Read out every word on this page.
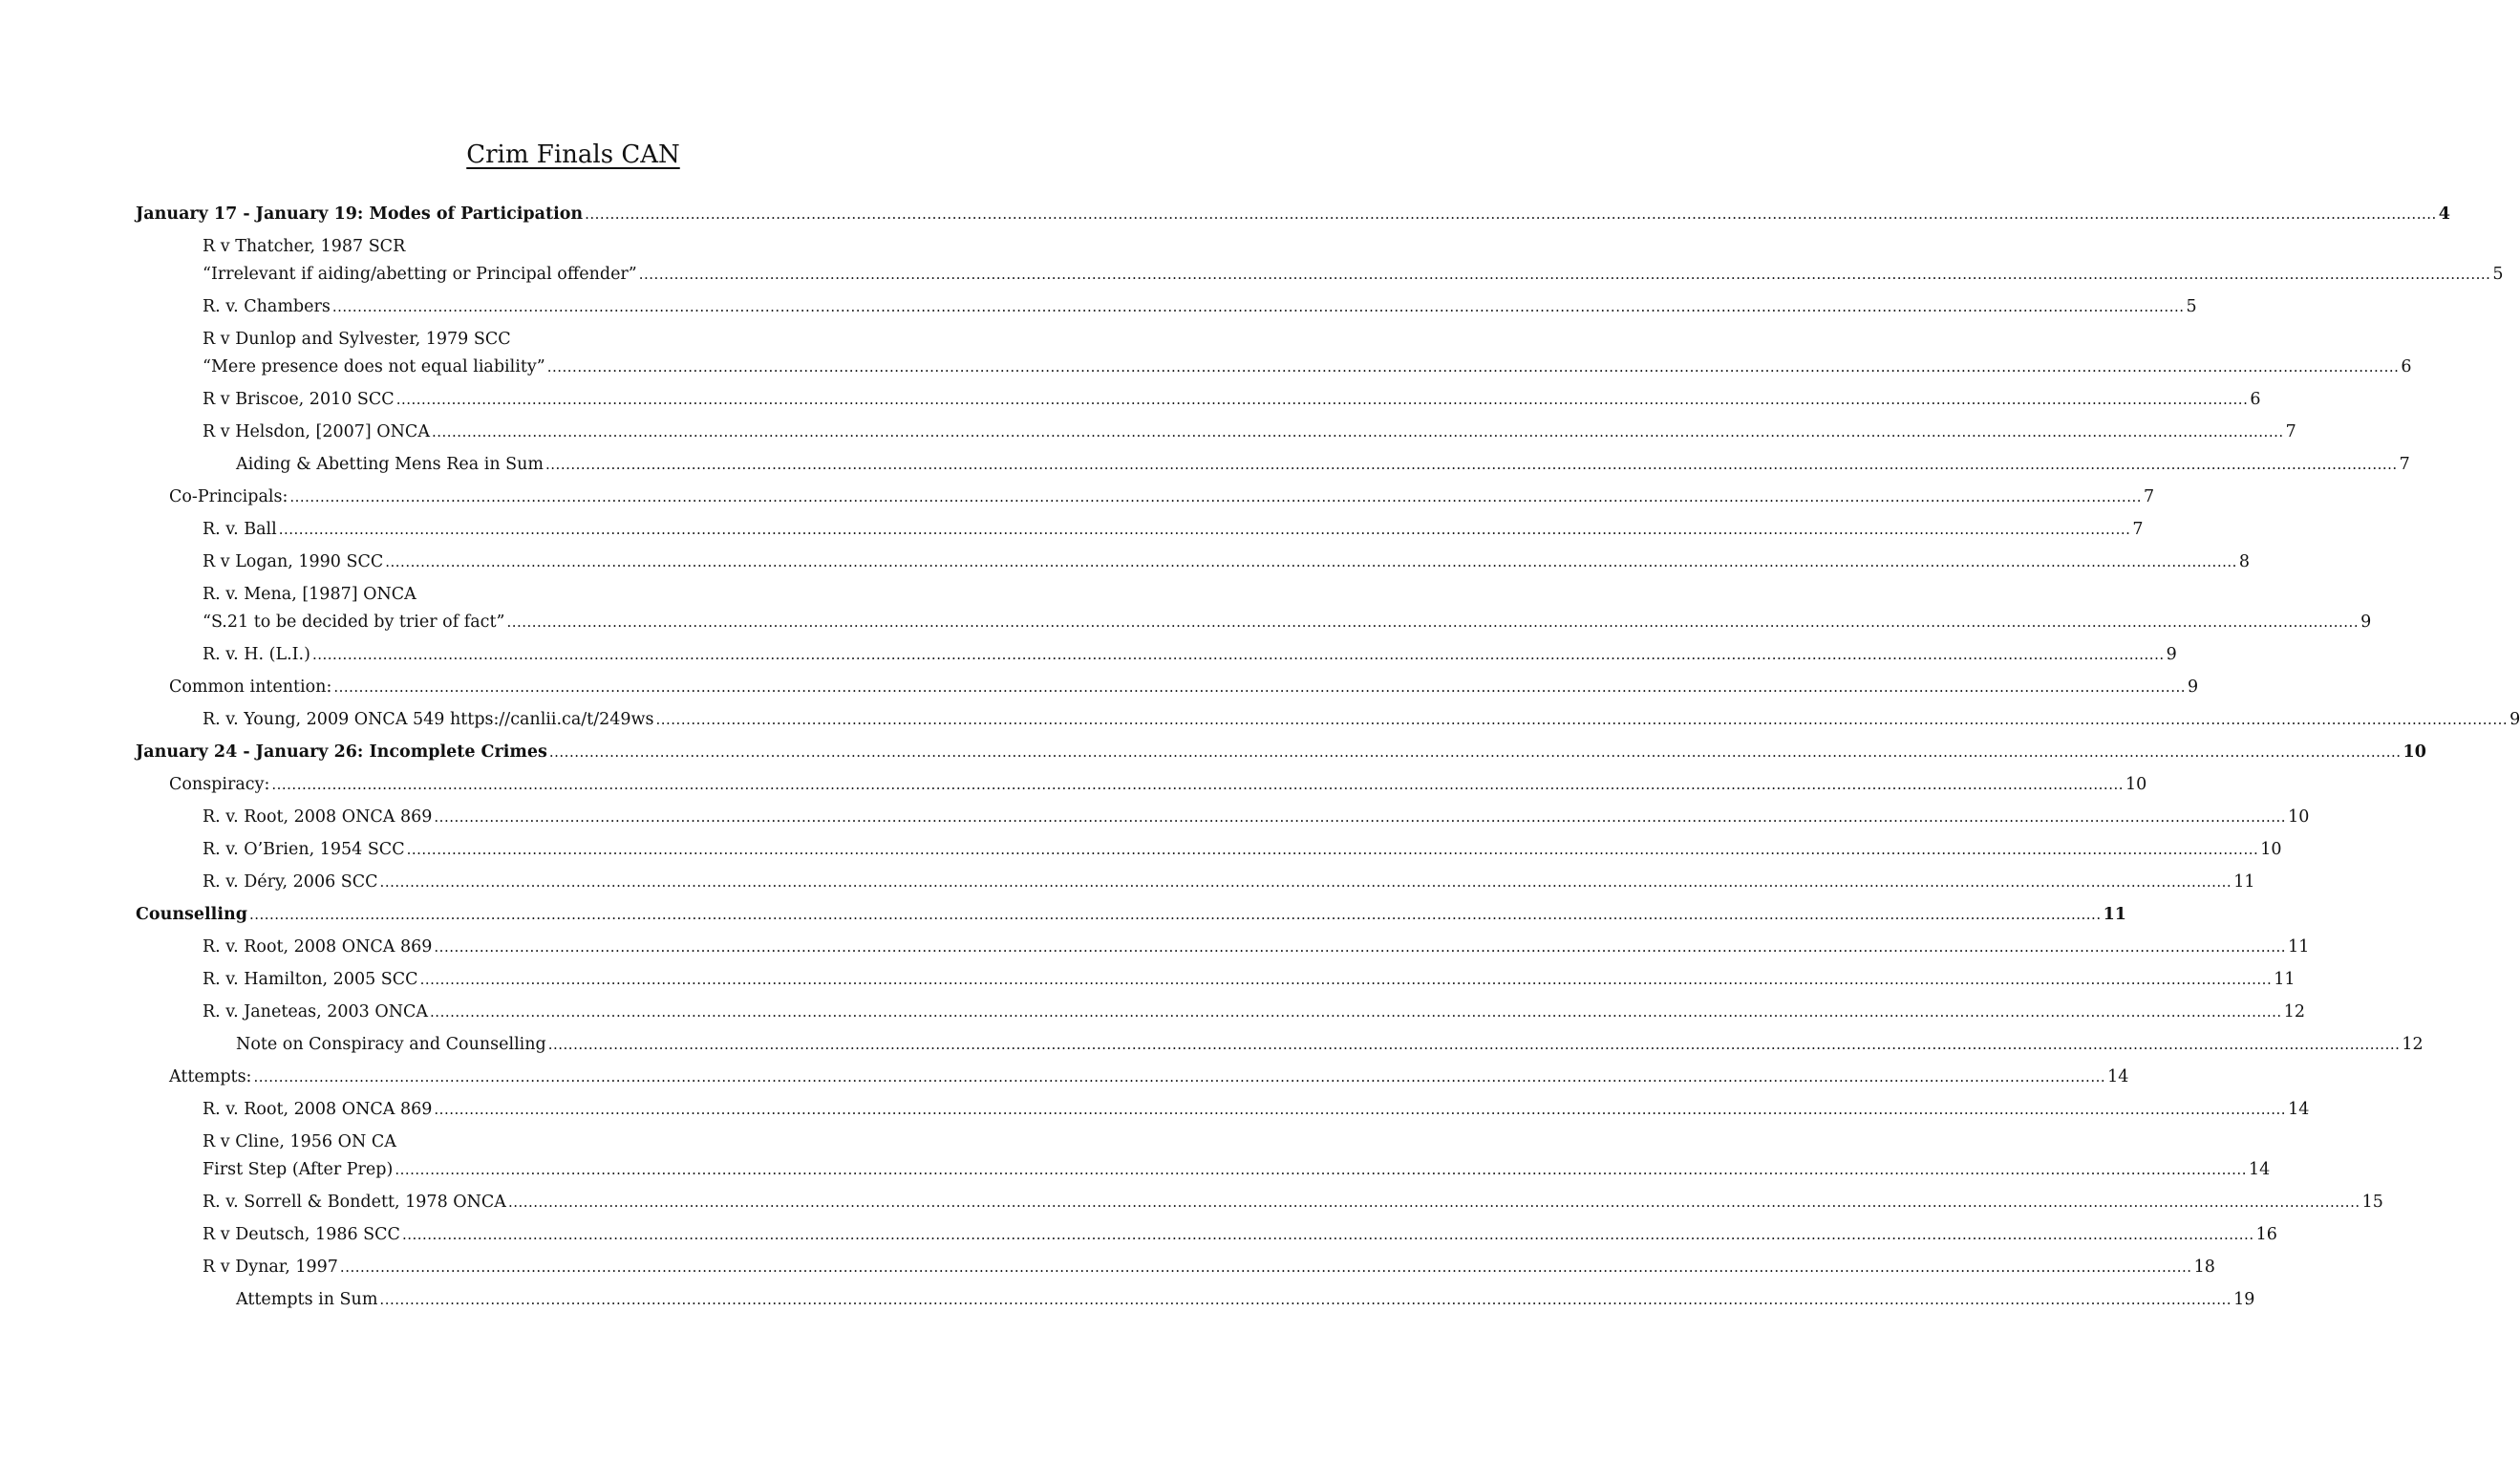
Crim Finals CAN
January 17 - January 19: Modes of Participation ................................................................................................................................................................................................................................................................................................................................................................................ 4
R v Thatcher, 1987 SCR
“Irrelevant if aiding/abetting or Principal offender” ................................................................................................................................................................................................................................................................................................................................................................................ 5
R. v. Chambers ................................................................................................................................................................................................................................................................................................................................................................................ 5
R v Dunlop and Sylvester, 1979 SCC
“Mere presence does not equal liability” ................................................................................................................................................................................................................................................................................................................................................................................ 6
R v Briscoe, 2010 SCC ................................................................................................................................................................................................................................................................................................................................................................................ 6
R v Helsdon, [2007] ONCA ................................................................................................................................................................................................................................................................................................................................................................................ 7
Aiding & Abetting Mens Rea in Sum ................................................................................................................................................................................................................................................................................................................................................................................ 7
Co-Principals: ................................................................................................................................................................................................................................................................................................................................................................................ 7
R. v. Ball ................................................................................................................................................................................................................................................................................................................................................................................ 7
R v Logan, 1990 SCC ................................................................................................................................................................................................................................................................................................................................................................................ 8
R. v. Mena, [1987] ONCA
“S.21 to be decided by trier of fact” ................................................................................................................................................................................................................................................................................................................................................................................ 9
R. v. H. (L.I.) ................................................................................................................................................................................................................................................................................................................................................................................ 9
Common intention: ................................................................................................................................................................................................................................................................................................................................................................................ 9
R. v. Young, 2009 ONCA 549 https://canlii.ca/t/249ws ................................................................................................................................................................................................................................................................................................................................................................................ 9
January 24 - January 26: Incomplete Crimes ................................................................................................................................................................................................................................................................................................................................................................................ 10
Conspiracy: ................................................................................................................................................................................................................................................................................................................................................................................ 10
R. v. Root, 2008 ONCA 869 ................................................................................................................................................................................................................................................................................................................................................................................ 10
R. v. O’Brien, 1954 SCC ................................................................................................................................................................................................................................................................................................................................................................................ 10
R. v. Déry, 2006 SCC ................................................................................................................................................................................................................................................................................................................................................................................ 11
Counselling ................................................................................................................................................................................................................................................................................................................................................................................ 11
R. v. Root, 2008 ONCA 869 ................................................................................................................................................................................................................................................................................................................................................................................ 11
R. v. Hamilton, 2005 SCC ................................................................................................................................................................................................................................................................................................................................................................................ 11
R. v. Janeteas, 2003 ONCA ................................................................................................................................................................................................................................................................................................................................................................................ 12
Note on Conspiracy and Counselling ................................................................................................................................................................................................................................................................................................................................................................................ 12
Attempts: ................................................................................................................................................................................................................................................................................................................................................................................ 14
R. v. Root, 2008 ONCA 869 ................................................................................................................................................................................................................................................................................................................................................................................ 14
R v Cline, 1956 ON CA
First Step (After Prep) ................................................................................................................................................................................................................................................................................................................................................................................ 14
R. v. Sorrell & Bondett, 1978 ONCA ................................................................................................................................................................................................................................................................................................................................................................................ 15
R v Deutsch, 1986 SCC ................................................................................................................................................................................................................................................................................................................................................................................ 16
R v Dynar, 1997 ................................................................................................................................................................................................................................................................................................................................................................................ 18
Attempts in Sum ................................................................................................................................................................................................................................................................................................................................................................................ 19
